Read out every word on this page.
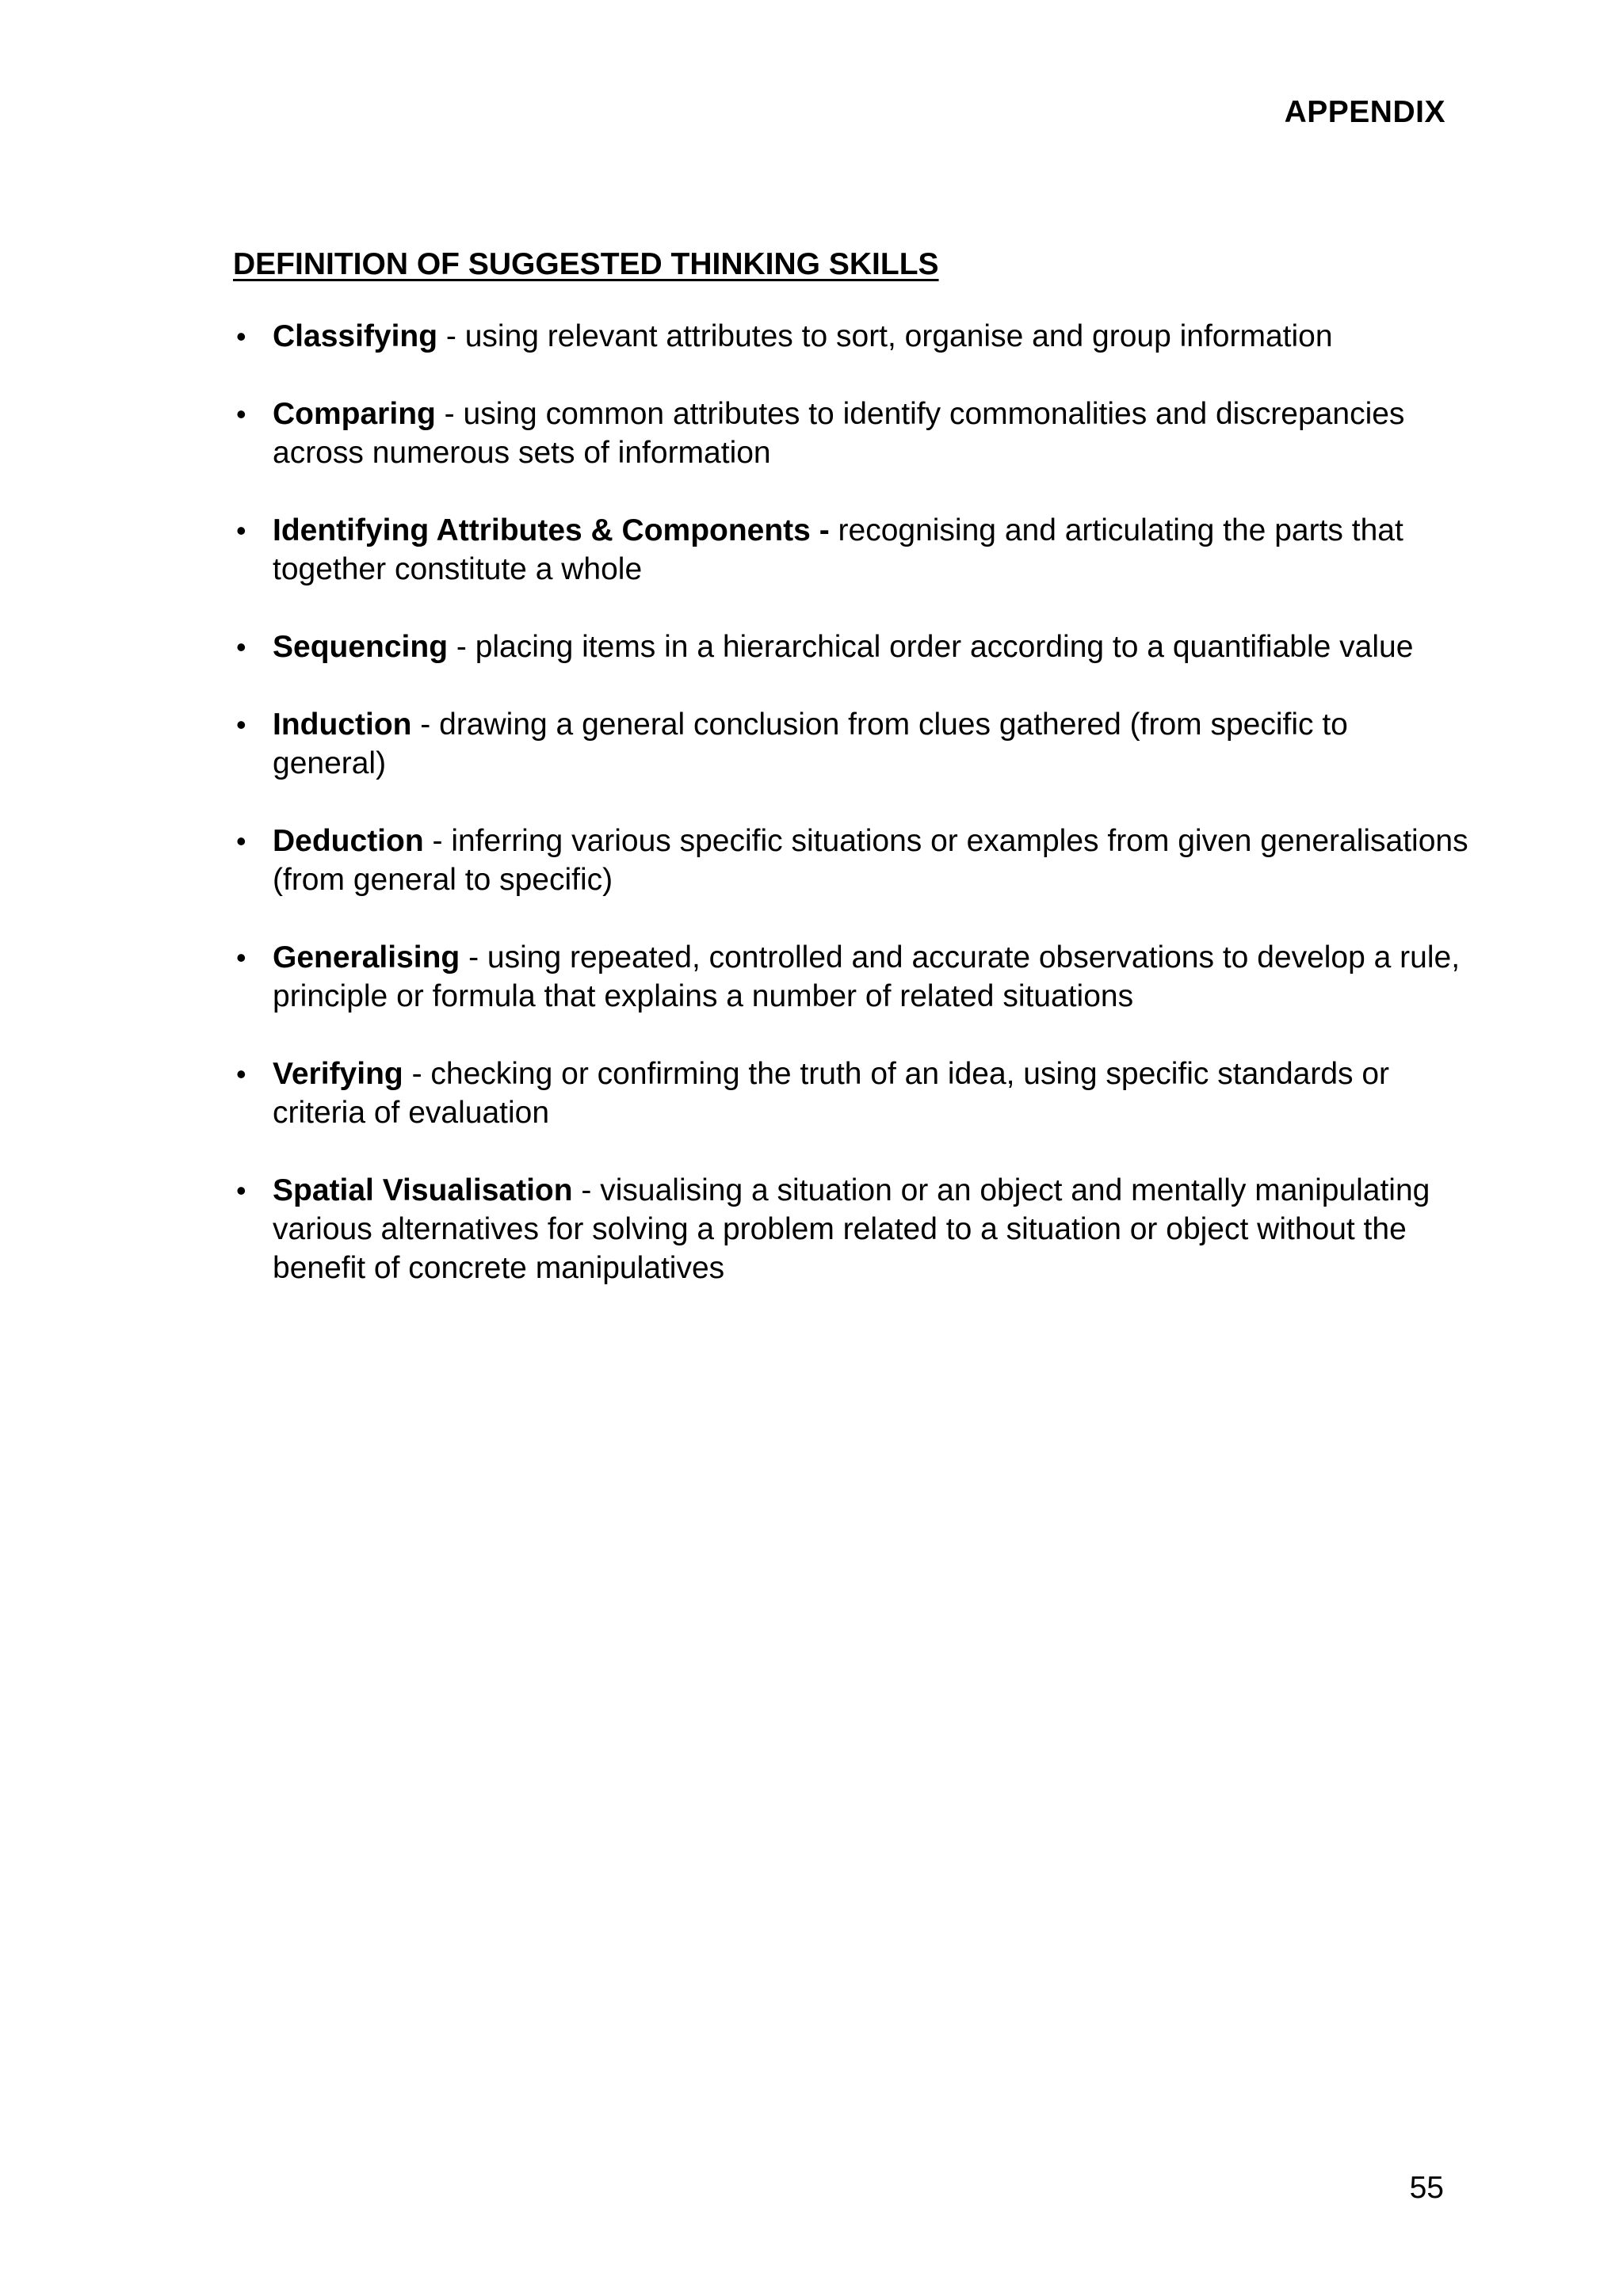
APPENDIX
DEFINITION OF SUGGESTED THINKING SKILLS
• Classifying - using relevant attributes to sort, organise and group information
• Comparing - using common attributes to identify commonalities and discrepancies across numerous sets of information
• Identifying Attributes & Components - recognising and articulating the parts that together constitute a whole
• Sequencing - placing items in a hierarchical order according to a quantifiable value
• Induction - drawing a general conclusion from clues gathered (from specific to general)
• Deduction - inferring various specific situations or examples from given generalisations (from general to specific)
• Generalising - using repeated, controlled and accurate observations to develop a rule, principle or formula that explains a number of related situations
• Verifying - checking or confirming the truth of an idea, using specific standards or criteria of evaluation
• Spatial Visualisation - visualising a situation or an object and mentally manipulating various alternatives for solving a problem related to a situation or object without the benefit of concrete manipulatives
55
